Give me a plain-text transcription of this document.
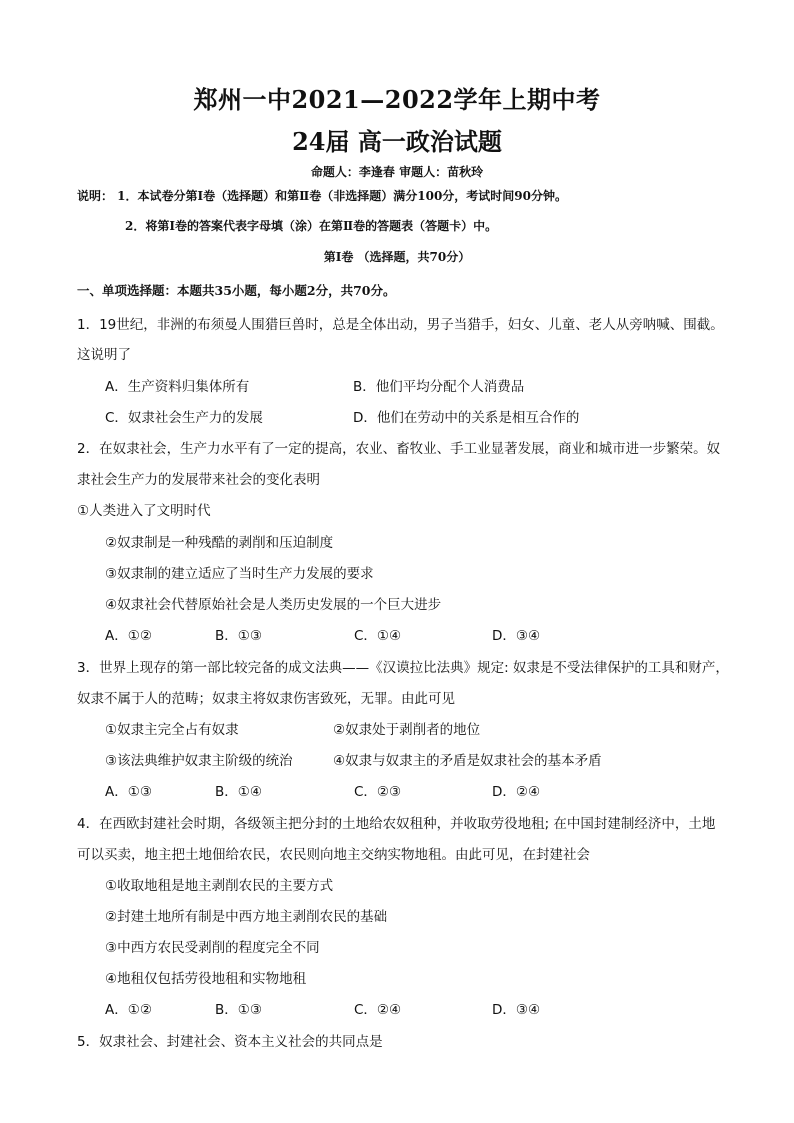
郑州一中2021—2022学年上期中考
24届 高一政治试题
命题人：李逢春 审题人：苗秋玲
说明： 1．本试卷分第Ⅰ卷（选择题）和第Ⅱ卷（非选择题）满分100分，考试时间90分钟。
2．将第Ⅰ卷的答案代表字母填（涂）在第Ⅱ卷的答题表（答题卡）中。
第Ⅰ卷 （选择题，共70分）
一、单项选择题：本题共35小题，每小题2分，共70分。
1．19世纪，非洲的布须曼人围猎巨兽时，总是全体出动，男子当猎手，妇女、儿童、老人从旁呐喊、围截。
这说明了
A．生产资料归集体所有	B．他们平均分配个人消费品
C．奴隶社会生产力的发展	D．他们在劳动中的关系是相互合作的
2．在奴隶社会，生产力水平有了一定的提高，农业、畜牧业、手工业显著发展，商业和城市进一步繁荣。奴
隶社会生产力的发展带来社会的变化表明
①人类进入了文明时代
②奴隶制是一种残酷的剥削和压迫制度
③奴隶制的建立适应了当时生产力发展的要求
④奴隶社会代替原始社会是人类历史发展的一个巨大进步
A．①②	B．①③	C．①④	D．③④
3．世界上现存的第一部比较完备的成文法典——《汉谟拉比法典》规定: 奴隶是不受法律保护的工具和财产，
奴隶不属于人的范畴；奴隶主将奴隶伤害致死，无罪。由此可见
①奴隶主完全占有奴隶	②奴隶处于剥削者的地位
③该法典维护奴隶主阶级的统治	④奴隶与奴隶主的矛盾是奴隶社会的基本矛盾
A．①③	B．①④	C．②③	D．②④
4．在西欧封建社会时期，各级领主把分封的土地给农奴租种，并收取劳役地租; 在中国封建制经济中，土地
可以买卖，地主把土地佃给农民，农民则向地主交纳实物地租。由此可见，在封建社会
①收取地租是地主剥削农民的主要方式
②封建土地所有制是中西方地主剥削农民的基础
③中西方农民受剥削的程度完全不同
④地租仅包括劳役地租和实物地租
A．①②	B．①③	C．②④	D．③④
5．奴隶社会、封建社会、资本主义社会的共同点是
